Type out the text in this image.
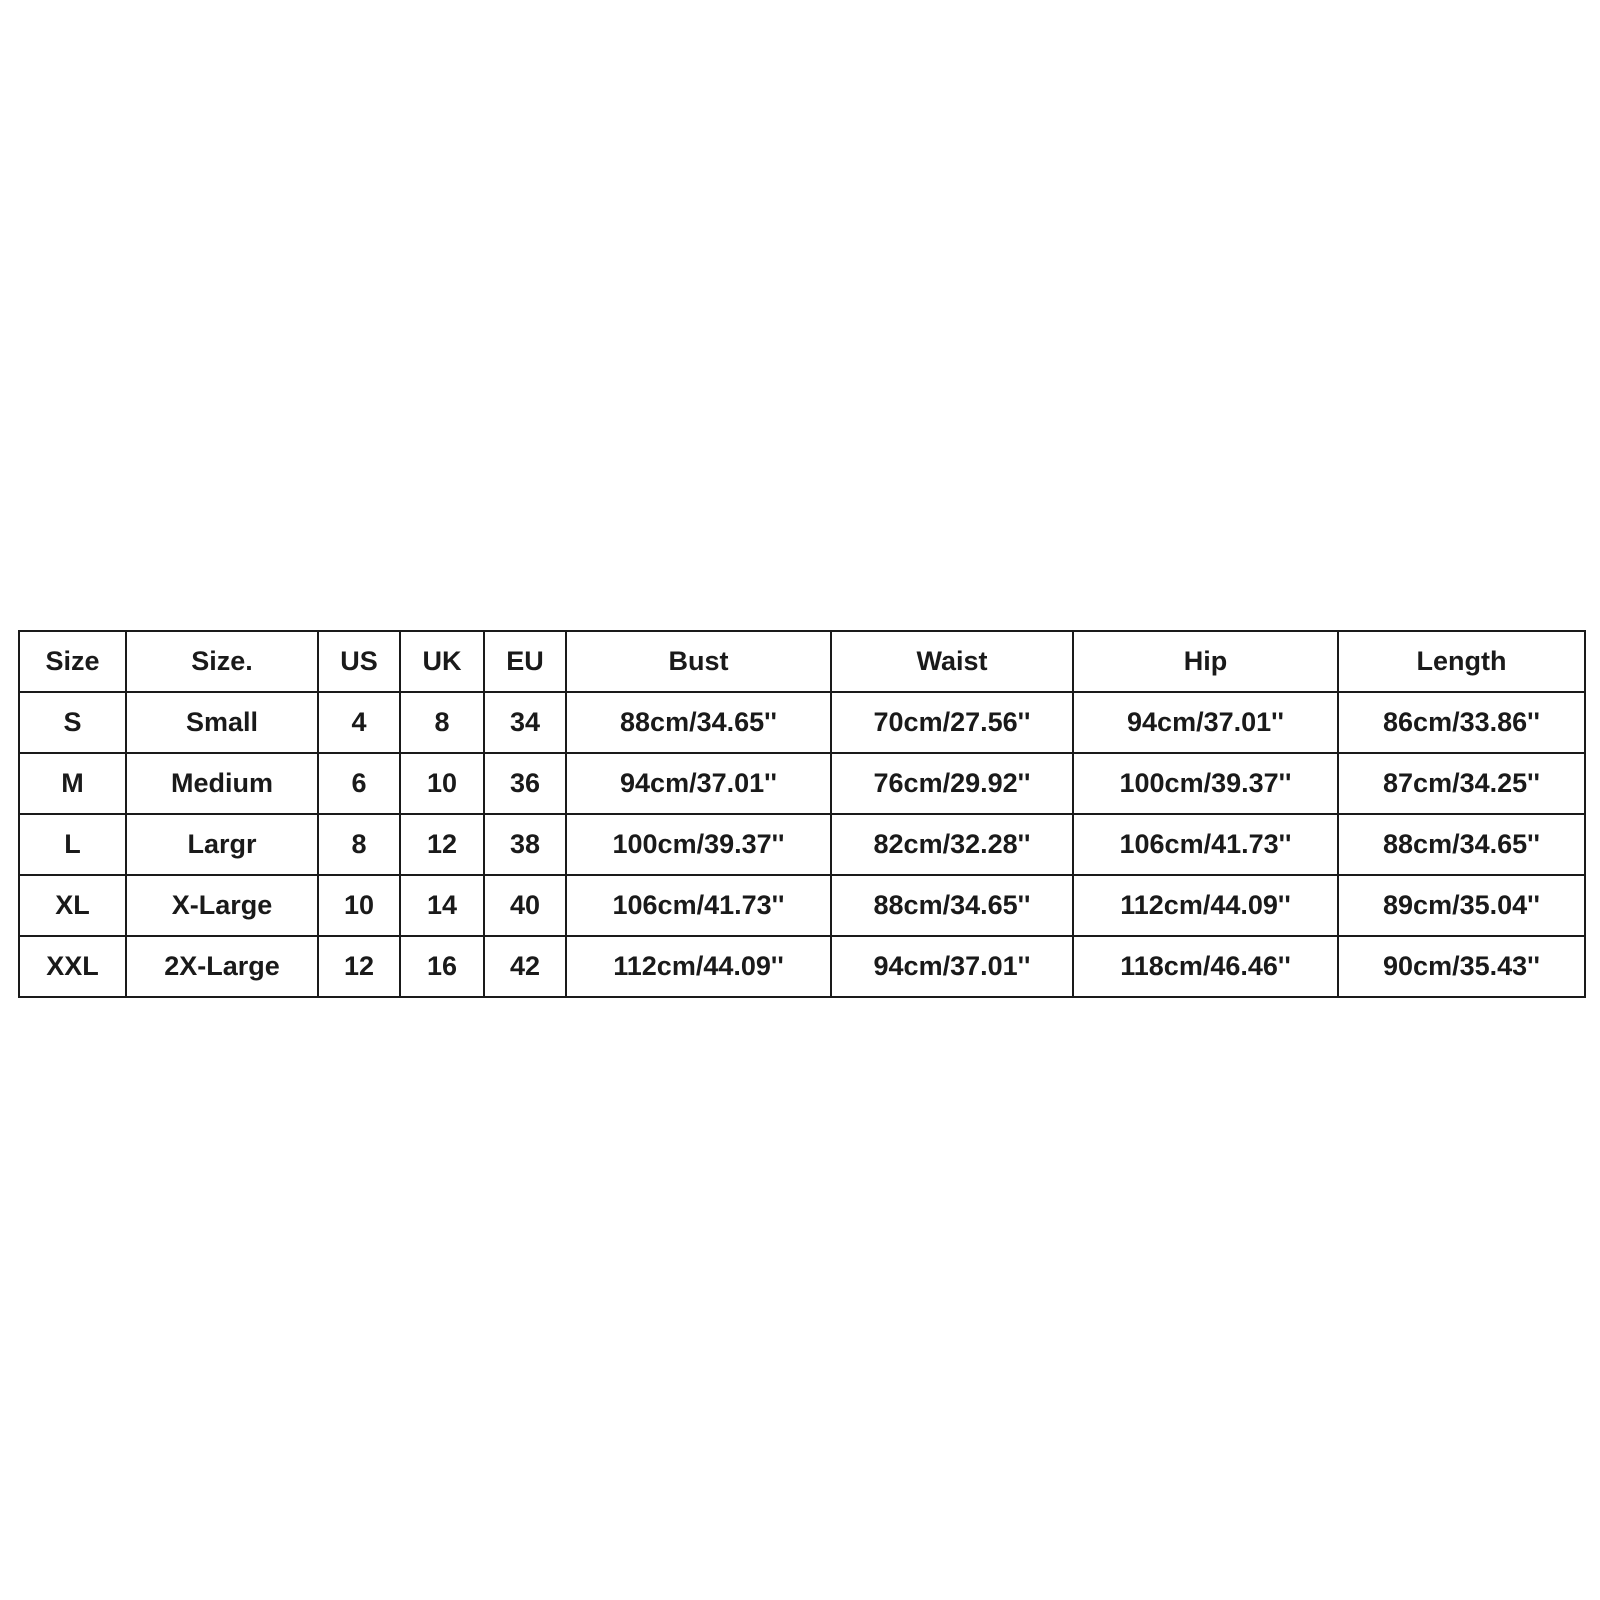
Size	Size.	US	UK	EU	Bust	Waist	Hip	Length
S	Small	4	8	34	88cm/34.65''	70cm/27.56''	94cm/37.01''	86cm/33.86''
M	Medium	6	10	36	94cm/37.01''	76cm/29.92''	100cm/39.37''	87cm/34.25''
L	Largr	8	12	38	100cm/39.37''	82cm/32.28''	106cm/41.73''	88cm/34.65''
XL	X-Large	10	14	40	106cm/41.73''	88cm/34.65''	112cm/44.09''	89cm/35.04''
XXL	2X-Large	12	16	42	112cm/44.09''	94cm/37.01''	118cm/46.46''	90cm/35.43''
